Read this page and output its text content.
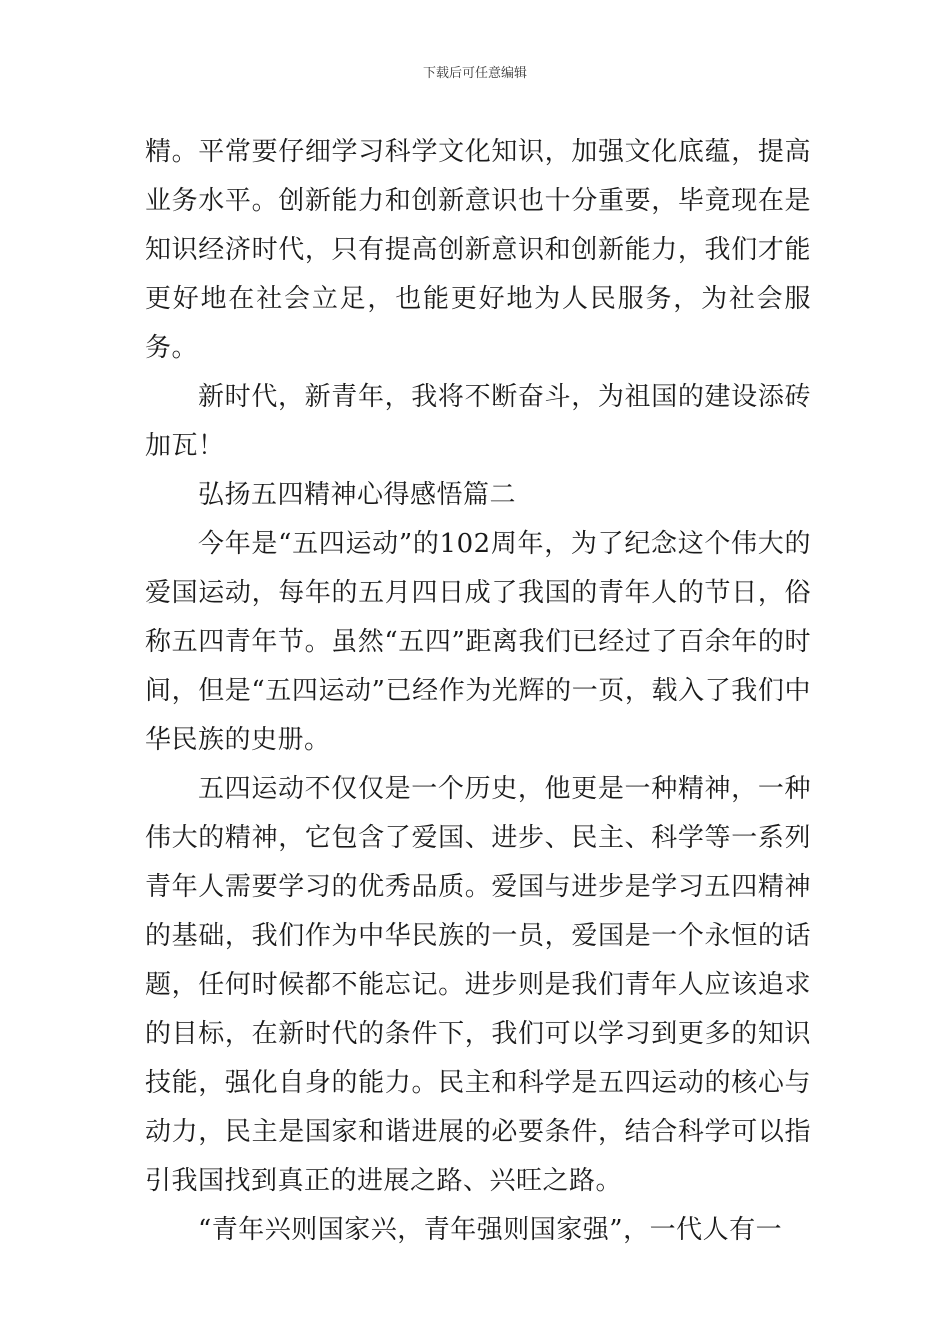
下载后可任意编辑

精。平常要仔细学习科学文化知识，加强文化底蕴，提高业务水平。创新能力和创新意识也十分重要，毕竟现在是知识经济时代，只有提高创新意识和创新能力，我们才能更好地在社会立足，也能更好地为人民服务，为社会服务。

新时代，新青年，我将不断奋斗，为祖国的建设添砖加瓦！

弘扬五四精神心得感悟篇二

今年是“五四运动”的102周年，为了纪念这个伟大的爱国运动，每年的五月四日成了我国的青年人的节日，俗称五四青年节。虽然“五四”距离我们已经过了百余年的时间，但是“五四运动”已经作为光辉的一页，载入了我们中华民族的史册。

五四运动不仅仅是一个历史，他更是一种精神，一种伟大的精神，它包含了爱国、进步、民主、科学等一系列青年人需要学习的优秀品质。爱国与进步是学习五四精神的基础，我们作为中华民族的一员，爱国是一个永恒的话题，任何时候都不能忘记。进步则是我们青年人应该追求的目标，在新时代的条件下，我们可以学习到更多的知识技能，强化自身的能力。民主和科学是五四运动的核心与动力，民主是国家和谐进展的必要条件，结合科学可以指引我国找到真正的进展之路、兴旺之路。

“青年兴则国家兴，青年强则国家强”，一代人有一
